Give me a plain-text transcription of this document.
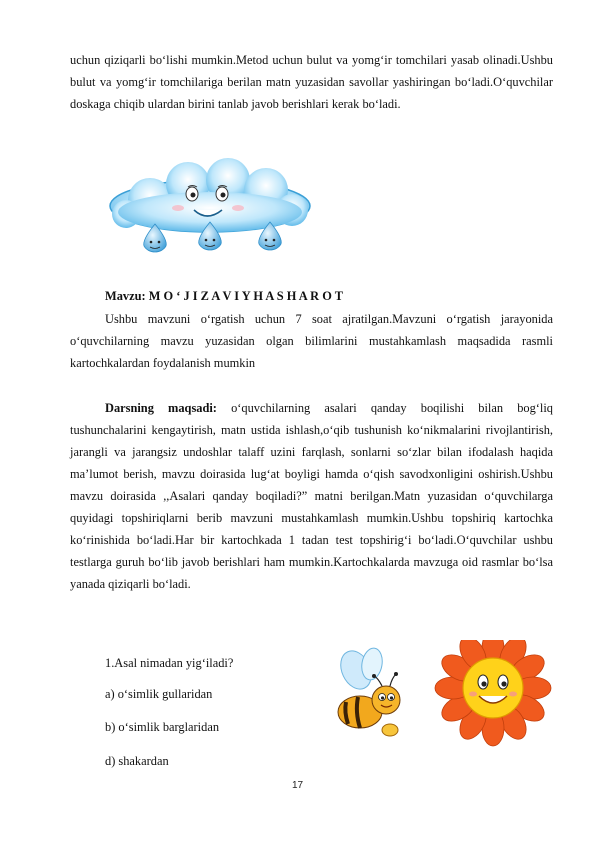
uchun qiziqarli bo‘lishi mumkin.Metod uchun bulut va yomg‘ir tomchilari yasab olinadi.Ushbu bulut va yomg‘ir tomchilariga berilan matn yuzasidan savollar yashiringan bo‘ladi.O‘quvchilar doskaga chiqib ulardan birini tanlab javob berishlari kerak bo‘ladi.

Mavzu: M O ‘ J I Z A V I Y H A S H A R O T

Ushbu mavzuni o‘rgatish uchun 7 soat ajratilgan.Mavzuni o‘rgatish jarayonida o‘quvchilarning mavzu yuzasidan olgan bilimlarini mustahkamlash maqsadida rasmli kartochkalardan foydalanish mumkin

Darsning maqsadi: o‘quvchilarning asalari qanday boqilishi bilan bog‘liq tushunchalarini kengaytirish, matn ustida ishlash,o‘qib tushunish ko‘nikmalarini rivojlantirish, jarangli va jarangsiz undoshlar talaff uzini farqlash, sonlarni so‘zlar bilan ifodalash haqida ma’lumot berish, mavzu doirasida lug‘at boyligi hamda o‘qish savodxonligini oshirish.Ushbu mavzu doirasida ,,Asalari qanday boqiladi?” matni berilgan.Matn yuzasidan o‘quvchilarga quyidagi topshiriqlarni berib mavzuni mustahkamlash mumkin.Ushbu topshiriq kartochka ko‘rinishida bo‘ladi.Har bir kartochkada 1 tadan test topshirig‘i bo‘ladi.O‘quvchilar ushbu testlarga guruh bo‘lib javob berishlari ham mumkin.Kartochkalarda mavzuga oid rasmlar bo‘lsa yanada qiziqarli bo‘ladi.

1.Asal nimadan yig‘iladi?
a) o‘simlik gullaridan
b) o‘simlik barglaridan
d) shakardan
17
